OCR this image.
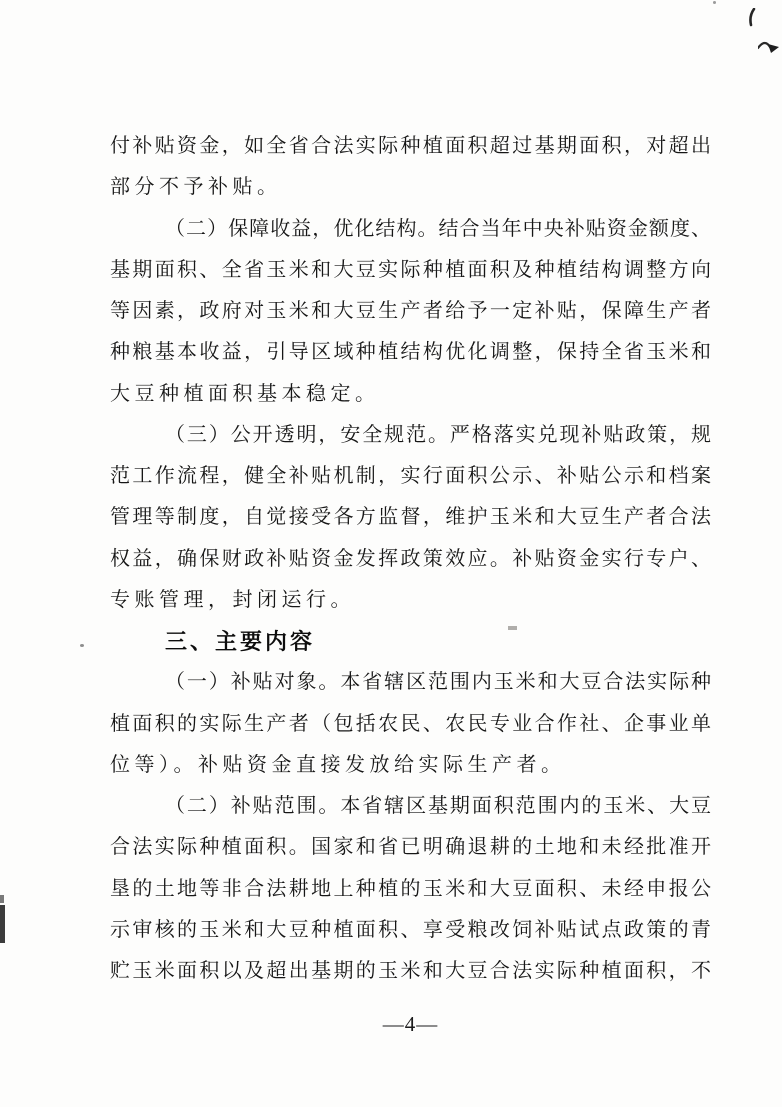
付补贴资金，如全省合法实际种植面积超过基期面积，对超出
部分不予补贴。
（二）保障收益，优化结构。结合当年中央补贴资金额度、
基期面积、全省玉米和大豆实际种植面积及种植结构调整方向
等因素，政府对玉米和大豆生产者给予一定补贴，保障生产者
种粮基本收益，引导区域种植结构优化调整，保持全省玉米和
大豆种植面积基本稳定。
（三）公开透明，安全规范。严格落实兑现补贴政策，规
范工作流程，健全补贴机制，实行面积公示、补贴公示和档案
管理等制度，自觉接受各方监督，维护玉米和大豆生产者合法
权益，确保财政补贴资金发挥政策效应。补贴资金实行专户、
专账管理，封闭运行。
三、主要内容
（一）补贴对象。本省辖区范围内玉米和大豆合法实际种
植面积的实际生产者（包括农民、农民专业合作社、企事业单
位等）。补贴资金直接发放给实际生产者。
（二）补贴范围。本省辖区基期面积范围内的玉米、大豆
合法实际种植面积。国家和省已明确退耕的土地和未经批准开
垦的土地等非合法耕地上种植的玉米和大豆面积、未经申报公
示审核的玉米和大豆种植面积、享受粮改饲补贴试点政策的青
贮玉米面积以及超出基期的玉米和大豆合法实际种植面积，不
—4—
